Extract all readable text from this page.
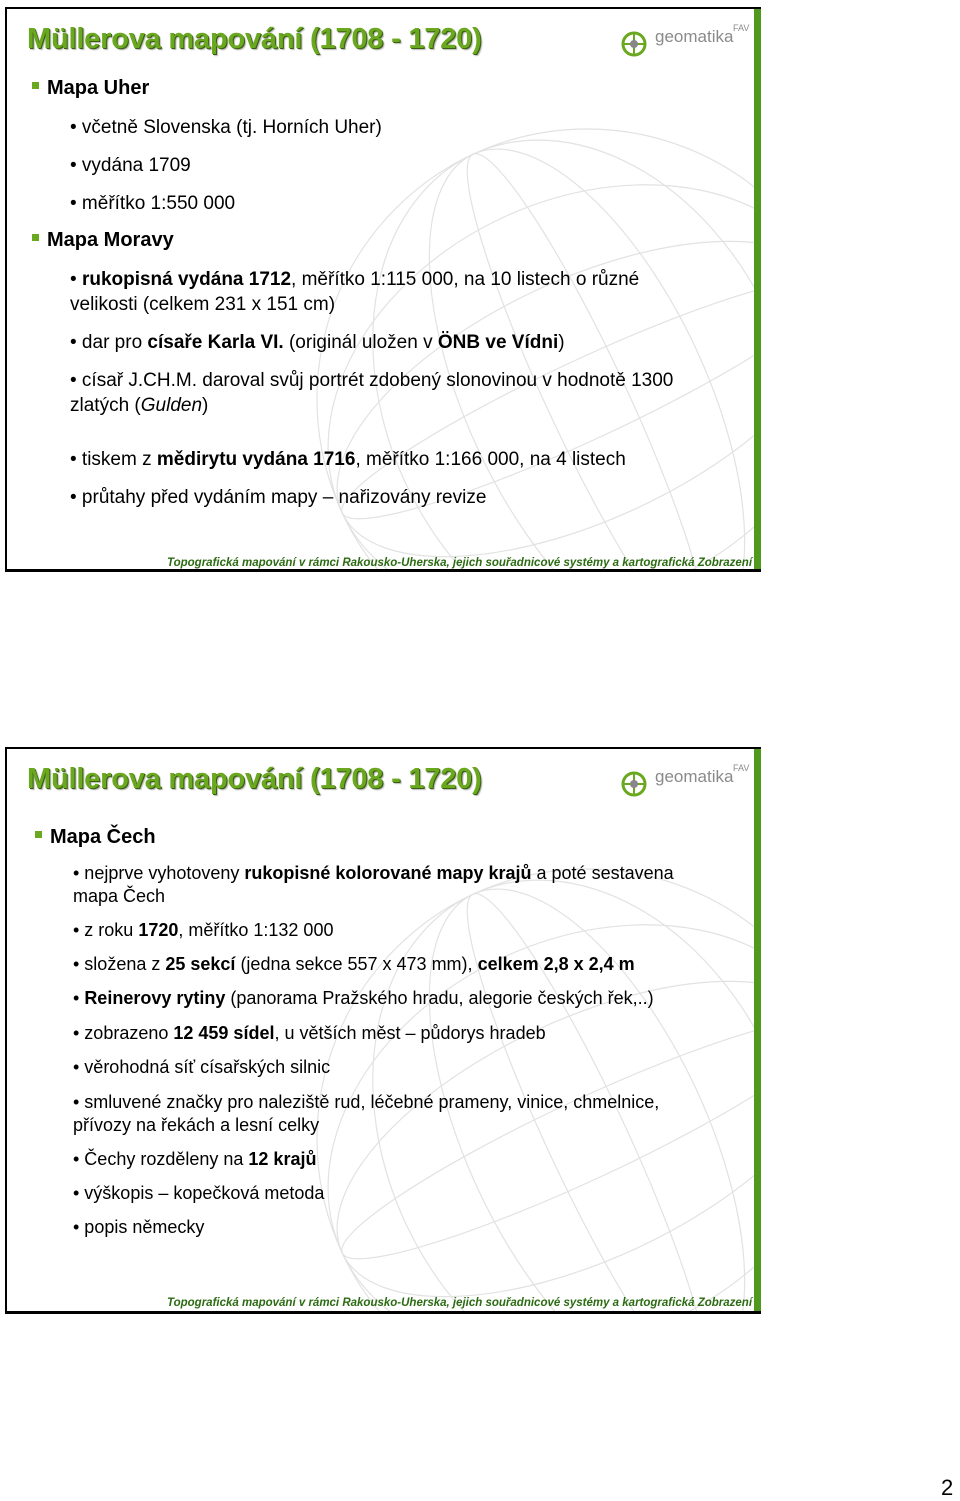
Müllerova mapování (1708 - 1720)	geomatika FAV
Mapa Uher
• včetně Slovenska (tj. Horních Uher)
• vydána 1709
• měřítko 1:550 000
Mapa Moravy
• rukopisná vydána 1712, měřítko 1:115 000, na 10 listech o různé
velikosti (celkem 231 x 151 cm)
• dar pro císaře Karla VI. (originál uložen v ÖNB ve Vídni)
• císař J.CH.M. daroval svůj portrét zdobený slonovinou v hodnotě 1300
zlatých (Gulden)
• tiskem z mědirytu vydána 1716, měřítko 1:166 000, na 4 listech
• průtahy před vydáním mapy – nařizovány revize
Topografická mapování v rámci Rakousko-Uherska, jejich souřadnicové systémy a kartografická Zobrazení
Müllerova mapování (1708 - 1720)	geomatika FAV
Mapa Čech
• nejprve vyhotoveny rukopisné kolorované mapy krajů a poté sestavena
mapa Čech
• z roku 1720, měřítko 1:132 000
• složena z 25 sekcí (jedna sekce 557 x 473 mm), celkem 2,8 x 2,4 m
• Reinerovy rytiny (panorama Pražského hradu, alegorie českých řek,..)
• zobrazeno 12 459 sídel, u větších měst – půdorys hradeb
• věrohodná síť císařských silnic
• smluvené značky pro naleziště rud, léčebné prameny, vinice, chmelnice,
přívozy na řekách a lesní celky
• Čechy rozděleny na 12 krajů
• výškopis – kopečková metoda
• popis německy
Topografická mapování v rámci Rakousko-Uherska, jejich souřadnicové systémy a kartografická Zobrazení
2
